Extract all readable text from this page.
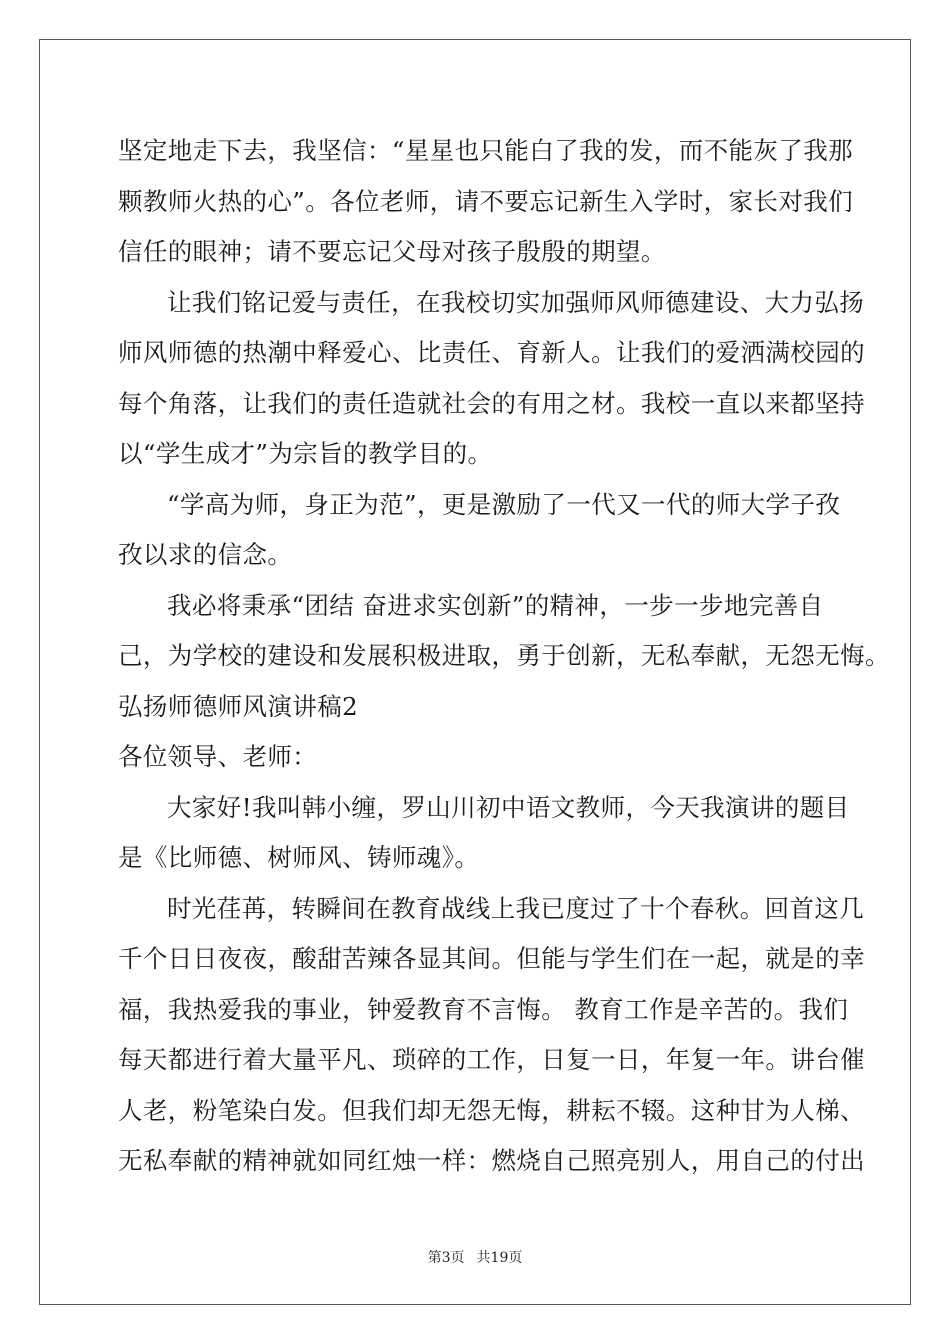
坚定地走下去，我坚信：“星星也只能白了我的发，而不能灰了我那
颗教师火热的心”。各位老师，请不要忘记新生入学时，家长对我们
信任的眼神；请不要忘记父母对孩子殷殷的期望。
让我们铭记爱与责任，在我校切实加强师风师德建设、大力弘扬
师风师德的热潮中释爱心、比责任、育新人。让我们的爱洒满校园的
每个角落，让我们的责任造就社会的有用之材。我校一直以来都坚持
以“学生成才”为宗旨的教学目的。
“学高为师，身正为范”，更是激励了一代又一代的师大学子孜
孜以求的信念。
我必将秉承“团结 奋进求实创新”的精神，一步一步地完善自
己，为学校的建设和发展积极进取，勇于创新，无私奉献，无怨无悔。
弘扬师德师风演讲稿2
各位领导、老师：
大家好!我叫韩小缠，罗山川初中语文教师，今天我演讲的题目
是《比师德、树师风、铸师魂》。
时光荏苒，转瞬间在教育战线上我已度过了十个春秋。回首这几
千个日日夜夜，酸甜苦辣各显其间。但能与学生们在一起，就是的幸
福，我热爱我的事业，钟爱教育不言悔。 教育工作是辛苦的。我们
每天都进行着大量平凡、琐碎的工作，日复一日，年复一年。讲台催
人老，粉笔染白发。但我们却无怨无悔，耕耘不辍。这种甘为人梯、
无私奉献的精神就如同红烛一样：燃烧自己照亮别人，用自己的付出
第3页 共19页
